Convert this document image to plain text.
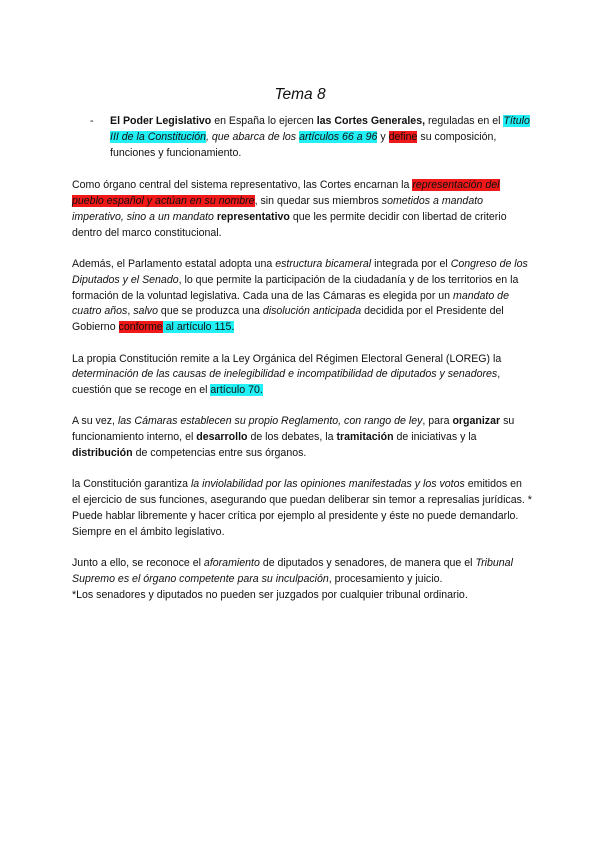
Tema 8
-	El Poder Legislativo en España lo ejercen las Cortes Generales, reguladas en el Título III de la Constitución, que abarca de los artículos 66 a 96 y define su composición, funciones y funcionamiento.

Como órgano central del sistema representativo, las Cortes encarnan la representación del pueblo español y actúan en su nombre, sin quedar sus miembros sometidos a mandato imperativo, sino a un mandato representativo que les permite decidir con libertad de criterio dentro del marco constitucional.

Además, el Parlamento estatal adopta una estructura bicameral integrada por el Congreso de los Diputados y el Senado, lo que permite la participación de la ciudadanía y de los territorios en la formación de la voluntad legislativa. Cada una de las Cámaras es elegida por un mandato de cuatro años, salvo que se produzca una disolución anticipada decidida por el Presidente del Gobierno conforme al artículo 115.

La propia Constitución remite a la Ley Orgánica del Régimen Electoral General (LOREG) la determinación de las causas de inelegibilidad e incompatibilidad de diputados y senadores, cuestión que se recoge en el artículo 70.

A su vez, las Cámaras establecen su propio Reglamento, con rango de ley, para organizar su funcionamiento interno, el desarrollo de los debates, la tramitación de iniciativas y la distribución de competencias entre sus órganos.

la Constitución garantiza la inviolabilidad por las opiniones manifestadas y los votos emitidos en el ejercicio de sus funciones, asegurando que puedan deliberar sin temor a represalias jurídicas. * Puede hablar libremente y hacer crítica por ejemplo al presidente y éste no puede demandarlo. Siempre en el ámbito legislativo.

Junto a ello, se reconoce el aforamiento de diputados y senadores, de manera que el Tribunal Supremo es el órgano competente para su inculpación, procesamiento y juicio.
*Los senadores y diputados no pueden ser juzgados por cualquier tribunal ordinario.
